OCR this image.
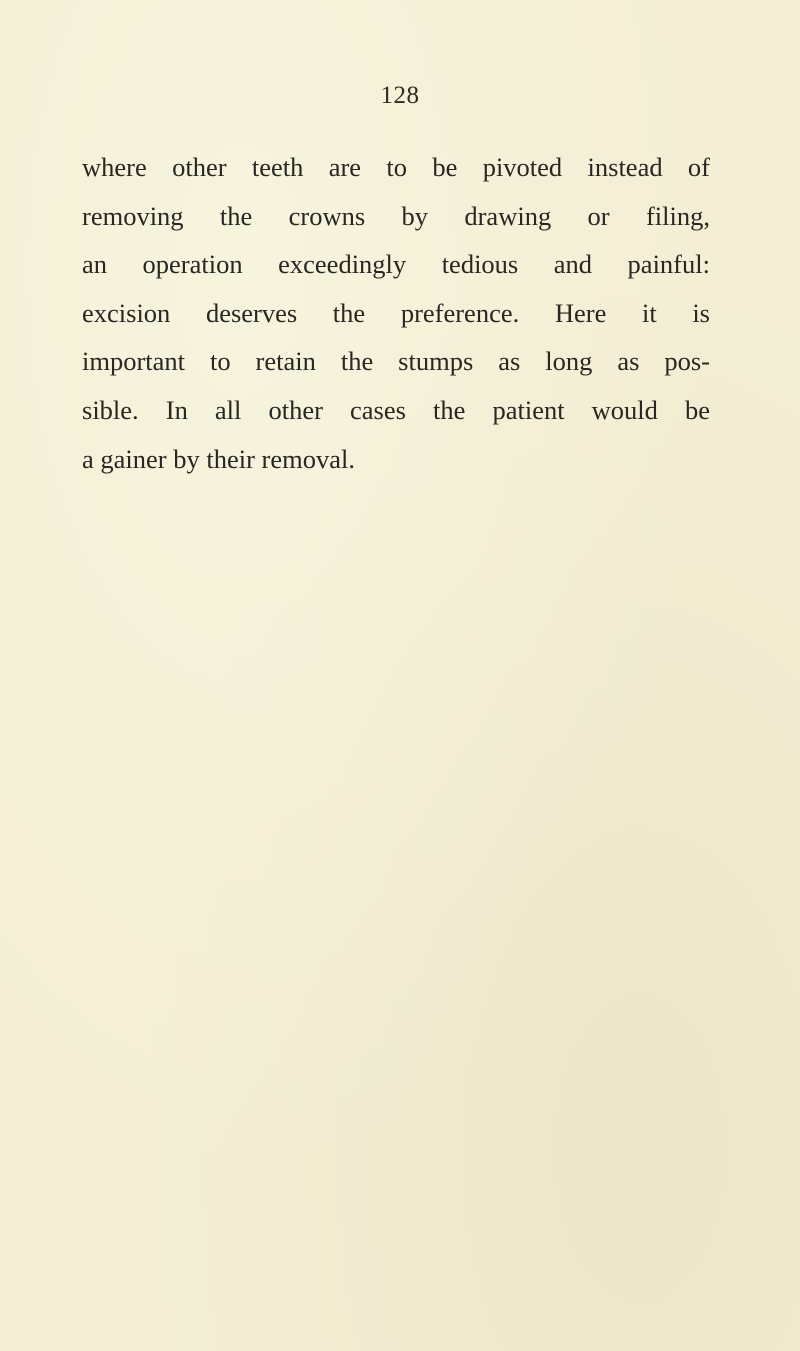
128
where other teeth are to be pivoted instead of
removing the crowns by drawing or filing,
an operation exceedingly tedious and painful:
excision deserves the preference. Here it is
important to retain the stumps as long as pos-
sible. In all other cases the patient would be
a gainer by their removal.
